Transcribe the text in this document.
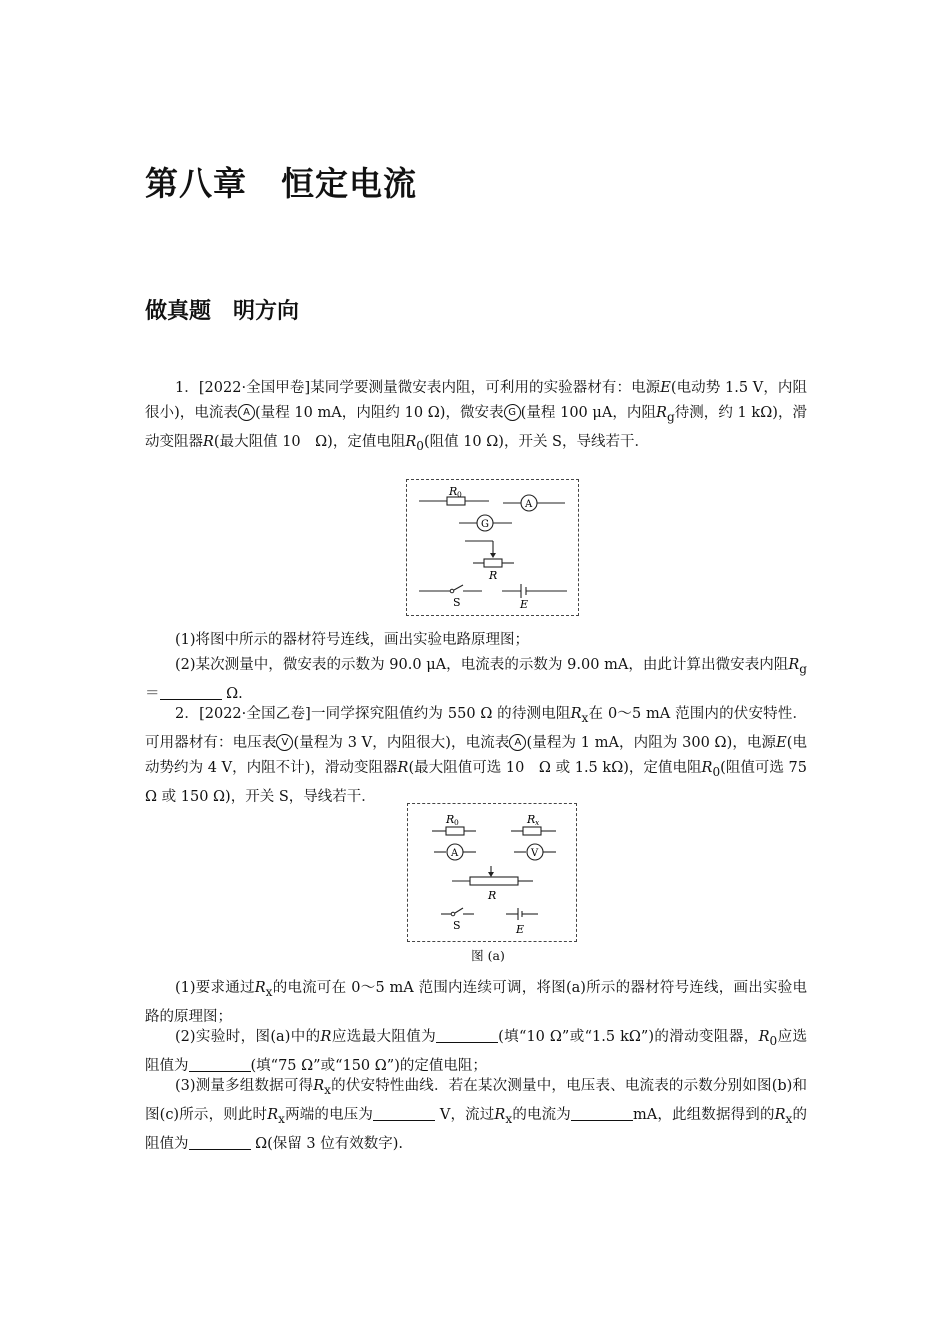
第八章　恒定电流
做真题　明方向

1．[2022·全国甲卷]某同学要测量微安表内阻，可利用的实验器材有：电源E(电动势 1.5 V，内阻很小)，电流表 A (量程 10 mA，内阻约 10 Ω)，微安表 G (量程 100 μA，内阻$R_g$待测，约 1 kΩ)，滑动变阻器R(最大阻值 10　Ω)，定值电阻$R_0$(阻值 10 Ω)，开关 S，导线若干．

R 0
A
G
R
S	E

(1)将图中所示的器材符号连线，画出实验电路原理图；

(2)某次测量中，微安表的示数为 90.0 μA，电流表的示数为 9.00 mA，由此计算出微安表内阻$R_g=$	Ω.

2．[2022·全国乙卷]一同学探究阻值约为 550 Ω 的待测电阻$R_x$在 0～5 mA 范围内的伏安特性．可用器材有：电压表 V (量程为 3 V，内阻很大)，电流表 A (量程为 1 mA，内阻为 300 Ω)，电源E(电动势约为 4 V，内阻不计)，滑动变阻器R(最大阻值可选 10　Ω 或 1.5 kΩ)，定值电阻$R_0$(阻值可选 75 Ω 或 150 Ω)，开关 S，导线若干．

R 0	R x
A	V
R
S	E
图 (a)

(1)要求通过$R_x$的电流可在 0～5 mA 范围内连续可调，将图(a)所示的器材符号连线，画出实验电路的原理图；

(2)实验时，图(a)中的R应选最大阻值为	(填“10 Ω”或“1.5 kΩ”)的滑动变阻器，$R_0$应选阻值为	(填“75 Ω”或“150 Ω”)的定值电阻；

(3)测量多组数据可得$R_x$的伏安特性曲线．若在某次测量中，电压表、电流表的示数分别如图(b)和图(c)所示，则此时$R_x$两端的电压为	V，流过$R_x$的电流为	mA，此组数据得到的$R_x$的阻值为	Ω(保留 3 位有效数字).
